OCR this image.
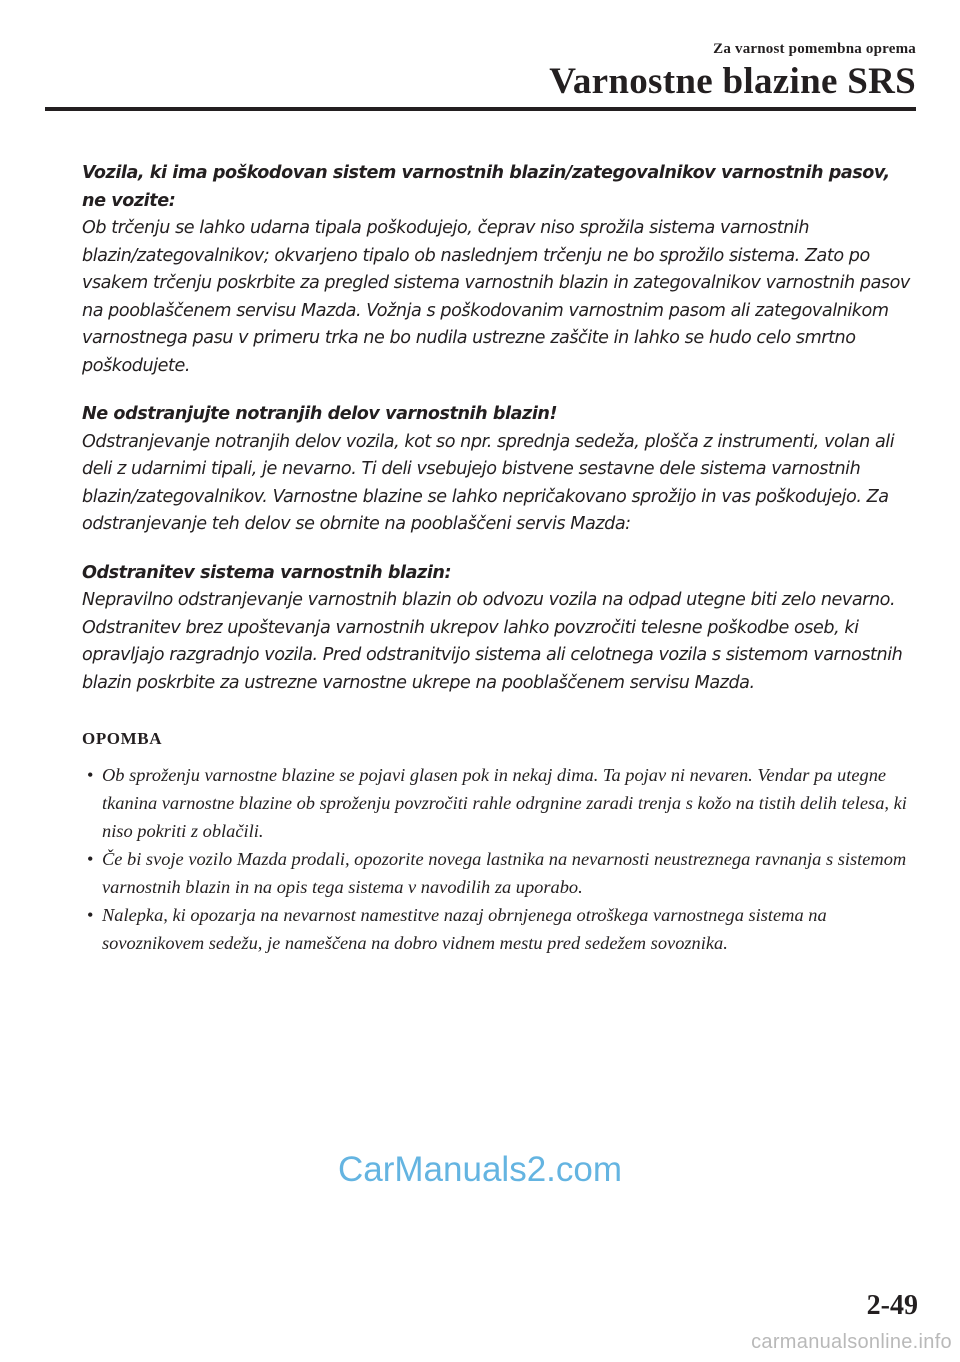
Za varnost pomembna oprema
Varnostne blazine SRS

Vozila, ki ima poškodovan sistem varnostnih blazin/zategovalnikov varnostnih pasov, ne vozite:

Ob trčenju se lahko udarna tipala poškodujejo, čeprav niso sprožila sistema varnostnih blazin/zategovalnikov; okvarjeno tipalo ob naslednjem trčenju ne bo sprožilo sistema. Zato po vsakem trčenju poskrbite za pregled sistema varnostnih blazin in zategovalnikov varnostnih pasov na pooblaščenem servisu Mazda. Vožnja s poškodovanim varnostnim pasom ali zategovalnikom varnostnega pasu v primeru trka ne bo nudila ustrezne zaščite in lahko se hudo celo smrtno poškodujete.

Ne odstranjujte notranjih delov varnostnih blazin!

Odstranjevanje notranjih delov vozila, kot so npr. sprednja sedeža, plošča z instrumenti, volan ali deli z udarnimi tipali, je nevarno. Ti deli vsebujejo bistvene sestavne dele sistema varnostnih blazin/zategovalnikov. Varnostne blazine se lahko nepričakovano sprožijo in vas poškodujejo. Za odstranjevanje teh delov se obrnite na pooblaščeni servis Mazda:

Odstranitev sistema varnostnih blazin:

Nepravilno odstranjevanje varnostnih blazin ob odvozu vozila na odpad utegne biti zelo nevarno. Odstranitev brez upoštevanja varnostnih ukrepov lahko povzročiti telesne poškodbe oseb, ki opravljajo razgradnjo vozila. Pred odstranitvijo sistema ali celotnega vozila s sistemom varnostnih blazin poskrbite za ustrezne varnostne ukrepe na pooblaščenem servisu Mazda.

OPOMBA

• Ob sproženju varnostne blazine se pojavi glasen pok in nekaj dima. Ta pojav ni nevaren. Vendar pa utegne tkanina varnostne blazine ob sproženju povzročiti rahle odrgnine zaradi trenja s kožo na tistih delih telesa, ki niso pokriti z oblačili.
• Če bi svoje vozilo Mazda prodali, opozorite novega lastnika na nevarnosti neustreznega ravnanja s sistemom varnostnih blazin in na opis tega sistema v navodilih za uporabo.
• Nalepka, ki opozarja na nevarnost namestitve nazaj obrnjenega otroškega varnostnega sistema na sovoznikovem sedežu, je nameščena na dobro vidnem mestu pred sedežem sovoznika.
CarManuals2.com
2-49
carmanualsonline.info
